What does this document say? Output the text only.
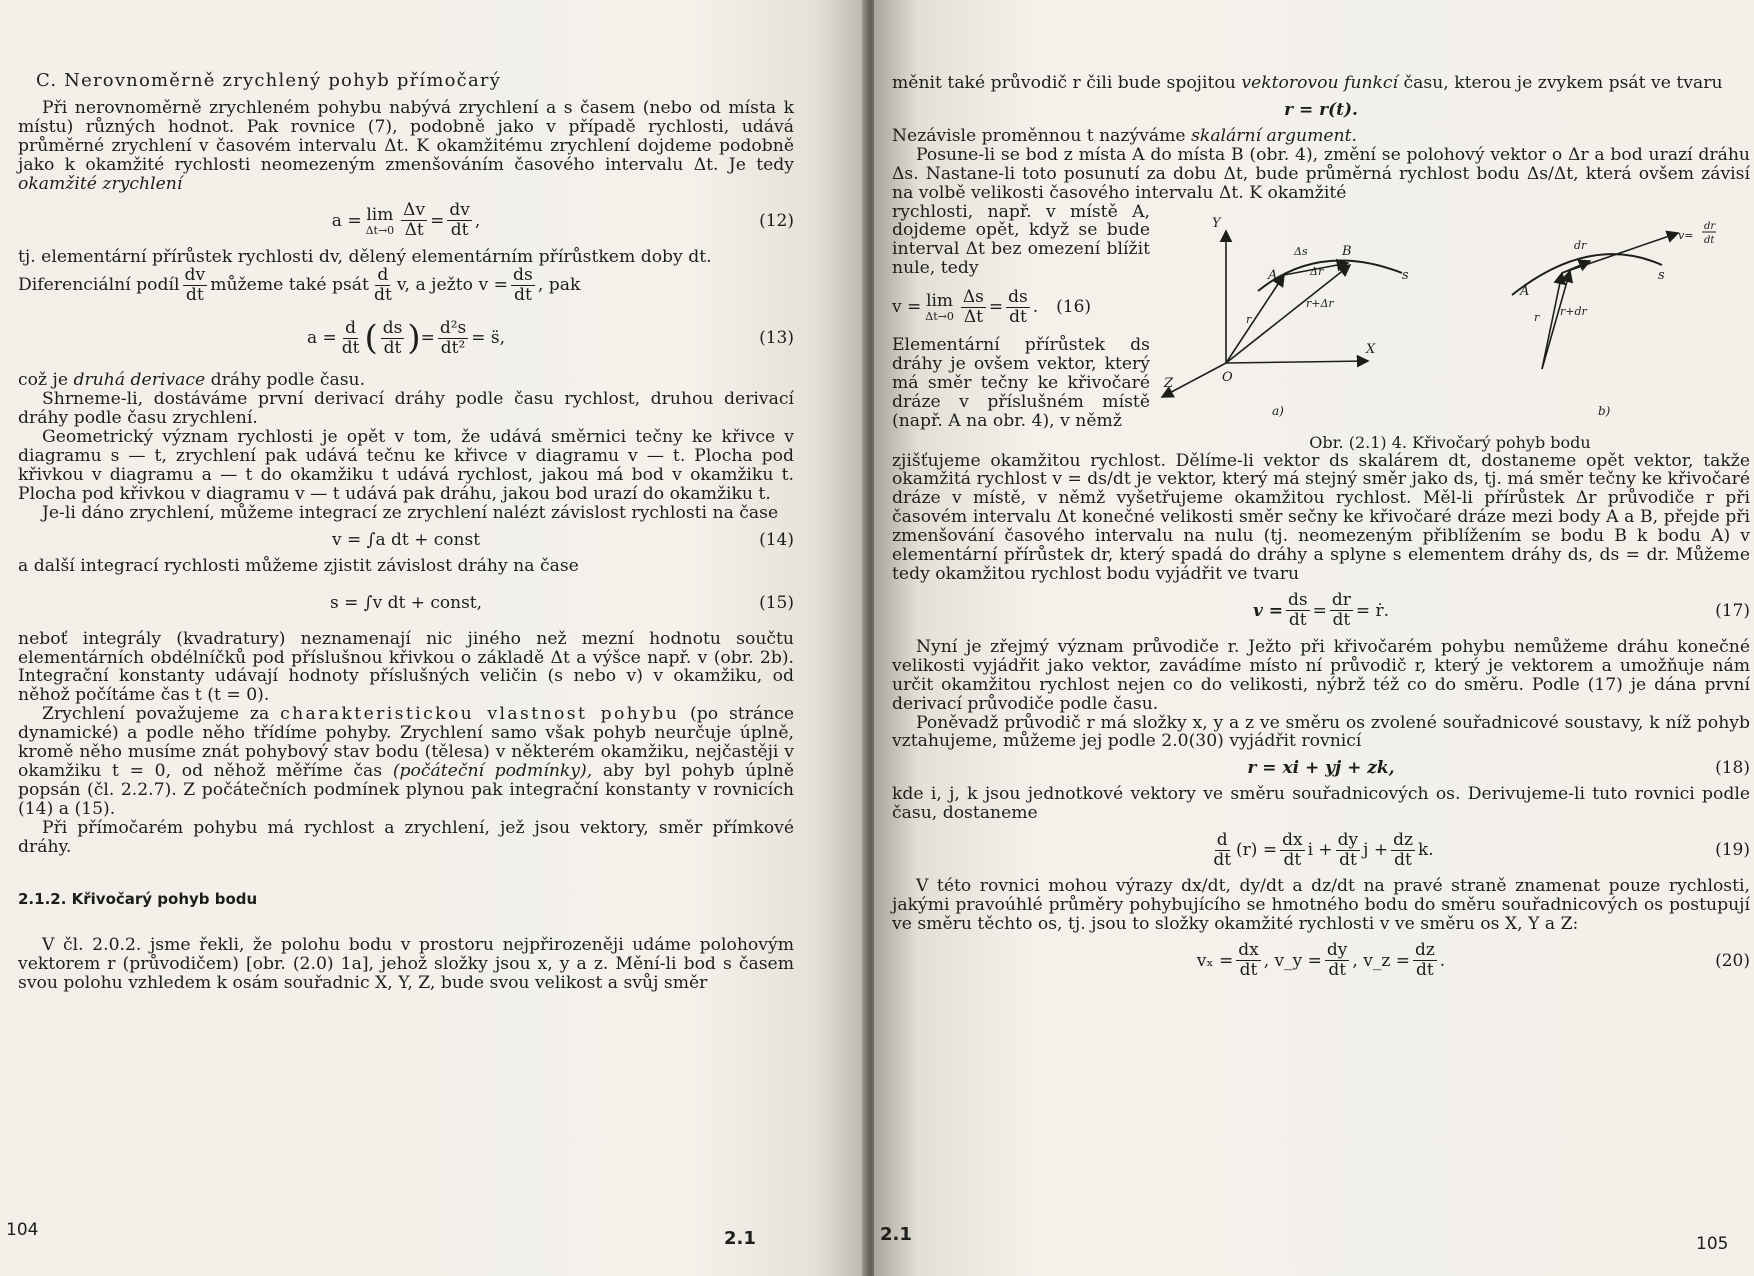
C. Nerovnoměrně zrychlený pohyb přímočarý

Při nerovnoměrně zrychleném pohybu nabývá zrychlení a s časem (nebo od místa k místu) různých hodnot. Pak rovnice (7), podobně jako v případě rychlosti, udává průměrné zrychlení v časovém intervalu Δt. K okamžitému zrychlení dojdeme podobně jako k okamžité rychlosti neomezeným zmenšováním časového intervalu Δt. Je tedy okamžité zrychlení

a = lim
$\Delta t\to 0 \frac{\Delta v}{\Delta t} = \frac{dv}{dt}$ ,	(12)

tj. elementární přírůstek rychlosti dv, dělený elementárním přírůstkem doby dt.

Diferenciální podíl $\frac{dv}{dt}$ můžeme také psát $\frac{d}{dt} v$, a ježto $v = \frac{ds}{dt}$ , pak

$a = \frac{d}{dt}$ ( $\frac{ds}{dt}$ ) = $\frac{\text{d²s}}{\text{dt²}}$ = s̈,	(13)

což je druhá derivace dráhy podle času.

Shrneme-li, dostáváme první derivací dráhy podle času rychlost, druhou derivací dráhy podle času zrychlení.

Geometrický význam rychlosti je opět v tom, že udává směrnici tečny ke křivce v diagramu s — t, zrychlení pak udává tečnu ke křivce v diagramu v — t. Plocha pod křivkou v diagramu a — t do okamžiku t udává rychlost, jakou má bod v okamžiku t. Plocha pod křivkou v diagramu v — t udává pak dráhu, jakou bod urazí do okamžiku t.

Je-li dáno zrychlení, můžeme integrací ze zrychlení nalézt závislost rychlosti na čase

v = ∫a dt + const	(14)

a další integrací rychlosti můžeme zjistit závislost dráhy na čase

s = ∫v dt + const,	(15)

neboť integrály (kvadratury) neznamenají nic jiného než mezní hodnotu součtu elementárních obdélníčků pod příslušnou křivkou o základě Δt a výšce např. v (obr. 2b). Integrační konstanty udávají hodnoty příslušných veličin (s nebo v) v okamžiku, od něhož počítáme čas t (t = 0).

Zrychlení považujeme za charakteristickou vlastnost pohybu (po stránce dynamické) a podle něho třídíme pohyby. Zrychlení samo však pohyb neurčuje úplně, kromě něho musíme znát pohybový stav bodu (tělesa) v některém okamžiku, nejčastěji v okamžiku t = 0, od něhož měříme čas (počáteční podmínky), aby byl pohyb úplně popsán (čl. 2.2.7). Z počátečních podmínek plynou pak integrační konstanty v rovnicích (14) a (15).

Při přímočarém pohybu má rychlost a zrychlení, jež jsou vektory, směr přímkové dráhy.

2.1.2. Křivočarý pohyb bodu

V čl. 2.0.2. jsme řekli, že polohu bodu v prostoru nejpřirozeněji udáme polohovým vektorem r (průvodičem) [obr. (2.0) 1a], jehož složky jsou x, y a z. Mění-li bod s časem svou polohu vzhledem k osám souřadnic X, Y, Z, bude svou velikost a svůj směr

104	2.1

měnit také průvodič r čili bude spojitou vektorovou funkcí času, kterou je zvykem psát ve tvaru

r = r(t).

Nezávisle proměnnou t nazýváme skalární argument.

Posune-li se bod z místa A do místa B (obr. 4), změní se polohový vektor o Δr a bod urazí dráhu Δs. Nastane-li toto posunutí za dobu Δt, bude průměrná rychlost bodu Δs/Δt, která ovšem závisí na volbě velikosti časového intervalu Δt. K okamžité

rychlosti, např. v místě A, dojdeme opět, když se bude interval Δt bez omezení blížit nule, tedy

v = lim
$\Delta t\to 0 \frac{\Delta s}{\Delta t} = \frac{ds}{dt}$ . (16)

Elementární přírůstek ds dráhy je ovšem vektor, který má směr tečny ke křivočaré dráze v příslušném místě (např. A na obr. 4), v němž

Y
X
Z	O
A
B
s
Δs
Δr
r
r+Δr
a)
A
s
dr
r r+dr
v=
dr
dt
b)
Obr. (2.1) 4. Křivočarý pohyb bodu

zjišťujeme okamžitou rychlost. Dělíme-li vektor ds skalárem dt, dostaneme opět vektor, takže okamžitá rychlost v = ds/dt je vektor, který má stejný směr jako ds, tj. má směr tečny ke křivočaré dráze v místě, v němž vyšetřujeme okamžitou rychlost. Měl-li přírůstek Δr průvodiče r při časovém intervalu Δt konečné velikosti směr sečny ke křivočaré dráze mezi body A a B, přejde při zmenšování časového intervalu na nulu (tj. neomezeným přiblížením se bodu B k bodu A) v elementární přírůstek dr, který spadá do dráhy a splyne s elementem dráhy ds, ds = dr. Můžeme tedy okamžitou rychlost bodu vyjádřit ve tvaru

$v = \frac{ds}{dt} = \frac{dr}{dt}$ = ṙ.	(17)

Nyní je zřejmý význam průvodiče r. Ježto při křivočarém pohybu nemůžeme dráhu konečné velikosti vyjádřit jako vektor, zavádíme místo ní průvodič r, který je vektorem a umožňuje nám určit okamžitou rychlost nejen co do velikosti, nýbrž též co do směru. Podle (17) je dána první derivací průvodiče podle času.

Poněvadž průvodič r má složky x, y a z ve směru os zvolené souřadnicové soustavy, k níž pohyb vztahujeme, můžeme jej podle 2.0(30) vyjádřit rovnicí

r = xi + yj + zk,	(18)

kde i, j, k jsou jednotkové vektory ve směru souřadnicových os. Derivujeme-li tuto rovnici podle času, dostaneme

$\frac{d}{dt} (r) = \frac{dx}{dt}$ $i + \frac{dy}{dt}$ $j + \frac{dz}{dt} k$.	(19)

V této rovnici mohou výrazy dx/dt, dy/dt a dz/dt na pravé straně znamenat pouze rychlosti, jakými pravoúhlé průměry pohybujícího se hmotného bodu do směru souřadnicových os postupují ve směru těchto os, tj. jsou to složky okamžité rychlosti v ve směru os X, Y a Z:

$v_x = \frac{dx}{dt}$ , v_y = $\frac{dy}{dt}$ , v_z = $\frac{dz}{dt}$ .	(20)
2.1	105
